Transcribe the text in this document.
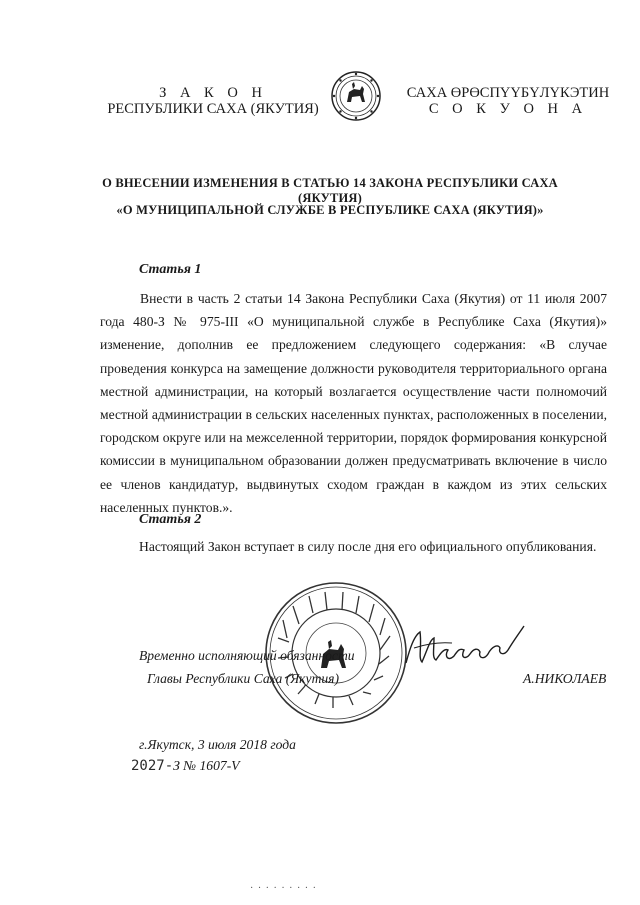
З А К О Н
РЕСПУБЛИКИ САХА (ЯКУТИЯ)
САХА ӨРӨСПҮҮБҮЛҮКЭТИН
С О К У О Н А
О ВНЕСЕНИИ ИЗМЕНЕНИЯ В СТАТЬЮ 14 ЗАКОНА РЕСПУБЛИКИ САХА (ЯКУТИЯ)
«О МУНИЦИПАЛЬНОЙ СЛУЖБЕ В РЕСПУБЛИКЕ САХА (ЯКУТИЯ)»
Статья 1
Внести в часть 2 статьи 14 Закона Республики Саха (Якутия) от 11 июля 2007 года 480-З № 975-III «О муниципальной службе в Республике Саха (Якутия)» изменение, дополнив ее предложением следующего содержания: «В случае проведения конкурса на замещение должности руководителя территориального органа местной администрации, на который возлагается осуществление части полномочий местной администрации в сельских населенных пунктах, расположенных в поселении, городском округе или на межселенной территории, порядок формирования конкурсной комиссии в муниципальном образовании должен предусматривать включение в число ее членов кандидатур, выдвинутых сходом граждан в каждом из этих сельских населенных пунктов.».
Статья 2
Настоящий Закон вступает в силу после дня его официального опубликования.
Временно исполняющий обязанности
Главы Республики Саха (Якутия)	А.НИКОЛАЕВ
г.Якутск, 3 июля 2018 года
2027-З № 1607-V
· · · · · · · · ·
